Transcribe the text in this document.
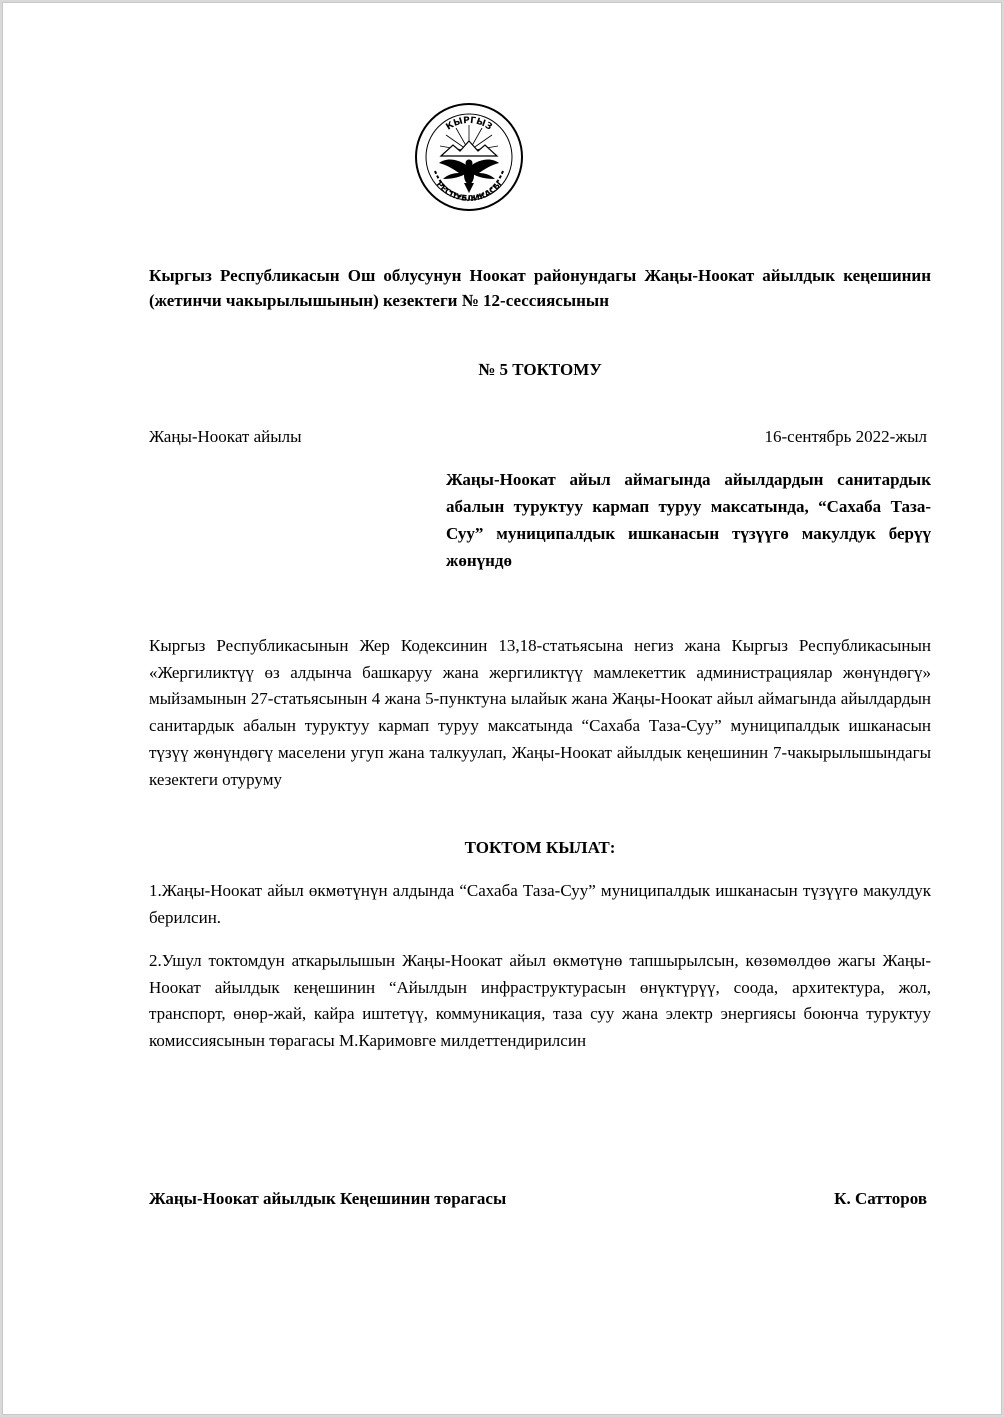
КЫРГЫЗ
РЕСПУБЛИКАСЫ
Кыргыз Республикасын Ош облусунун Ноокат районундагы Жаңы-Ноокат айылдык кеңешинин (жетинчи чакырылышынын) кезектеги № 12-сессиясынын
№ 5 ТОКТОМУ
Жаңы-Ноокат айылы	16-сентябрь 2022-жыл
Жаңы-Ноокат айыл аймагында айылдардын санитардык абалын туруктуу кармап туруу максатында, “Сахаба Таза-Суу” муниципалдык ишканасын түзүүгө макулдук берүү жөнүндө
Кыргыз Республикасынын Жер Кодексинин 13,18-статьясына негиз жана Кыргыз Республикасынын «Жергиликтүү өз алдынча башкаруу жана жергиликтүү мамлекеттик администрациялар жөнүндөгү» мыйзамынын 27-статьясынын 4 жана 5-пунктуна ылайык жана Жаңы-Ноокат айыл аймагында айылдардын санитардык абалын туруктуу кармап туруу максатында “Сахаба Таза-Суу” муниципалдык ишканасын түзүү жөнүндөгү маселени угуп жана талкуулап, Жаңы-Ноокат айылдык кеңешинин 7-чакырылышындагы кезектеги отуруму
ТОКТОМ КЫЛАТ:
1.Жаңы-Ноокат айыл өкмөтүнүн алдында “Сахаба Таза-Суу” муниципалдык ишканасын түзүүгө макулдук берилсин.
2.Ушул токтомдун аткарылышын Жаңы-Ноокат айыл өкмөтүнө тапшырылсын, көзөмөлдөө жагы Жаңы-Ноокат айылдык кеңешинин “Айылдын инфраструктурасын өнүктүрүү, соода, архитектура, жол, транспорт, өнөр-жай, кайра иштетүү, коммуникация, таза суу жана электр энергиясы боюнча туруктуу комиссиясынын төрагасы М.Каримовге милдеттендирилсин
Жаңы-Ноокат айылдык Кеңешинин төрагасы	К. Сатторов
